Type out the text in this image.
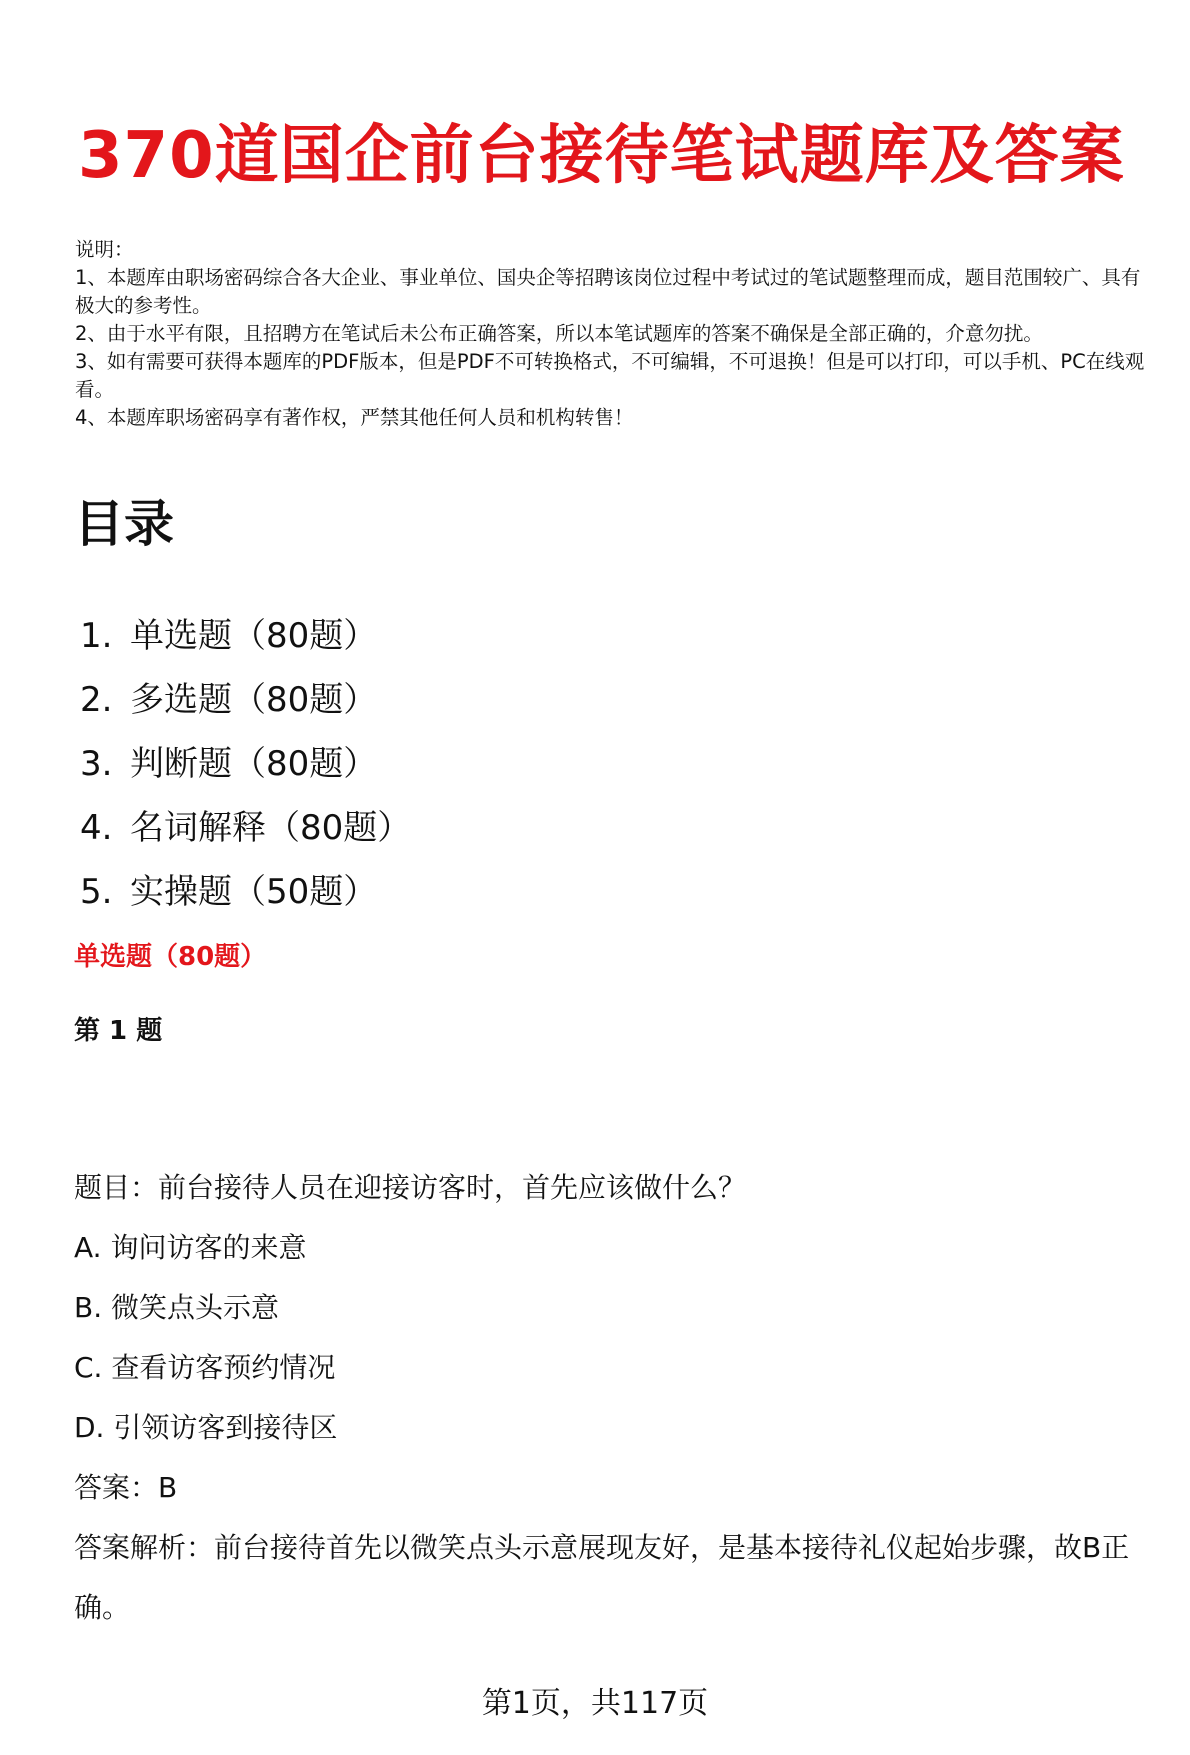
370道国企前台接待笔试题库及答案

说明：

1、本题库由职场密码综合各大企业、事业单位、国央企等招聘该岗位过程中考试过的笔试题整理而成，题目范围较广、具有极大的参考性。

2、由于水平有限，且招聘方在笔试后未公布正确答案，所以本笔试题库的答案不确保是全部正确的，介意勿扰。

3、如有需要可获得本题库的PDF版本，但是PDF不可转换格式，不可编辑，不可退换！但是可以打印，可以手机、PC在线观看。

4、本题库职场密码享有著作权，严禁其他任何人员和机构转售！

目录
1. 单选题（80题）
2. 多选题（80题）
3. 判断题（80题）
4. 名词解释（80题）
5. 实操题（50题）
单选题（80题）
第 1 题

题目：前台接待人员在迎接访客时，首先应该做什么？

A. 询问访客的来意

B. 微笑点头示意

C. 查看访客预约情况

D. 引领访客到接待区

答案：B

答案解析：前台接待首先以微笑点头示意展现友好，是基本接待礼仪起始步骤，故B正确。

第1页，共117页
